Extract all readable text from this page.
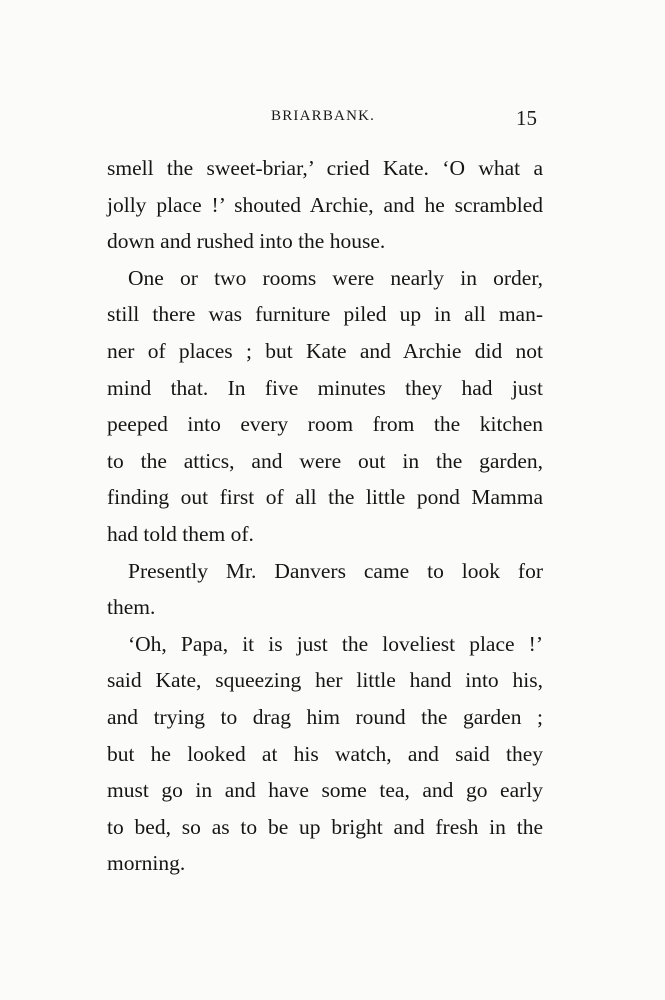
BRIARBANK.	15
smell the sweet-briar,’ cried Kate. ‘O what a
jolly place !’ shouted Archie, and he scrambled
down and rushed into the house.
One or two rooms were nearly in order,
still there was furniture piled up in all man-
ner of places ; but Kate and Archie did not
mind that. In five minutes they had just
peeped into every room from the kitchen
to the attics, and were out in the garden,
finding out first of all the little pond Mamma
had told them of.
Presently Mr. Danvers came to look for
them.
‘Oh, Papa, it is just the loveliest place !’
said Kate, squeezing her little hand into his,
and trying to drag him round the garden ;
but he looked at his watch, and said they
must go in and have some tea, and go early
to bed, so as to be up bright and fresh in the
morning.
